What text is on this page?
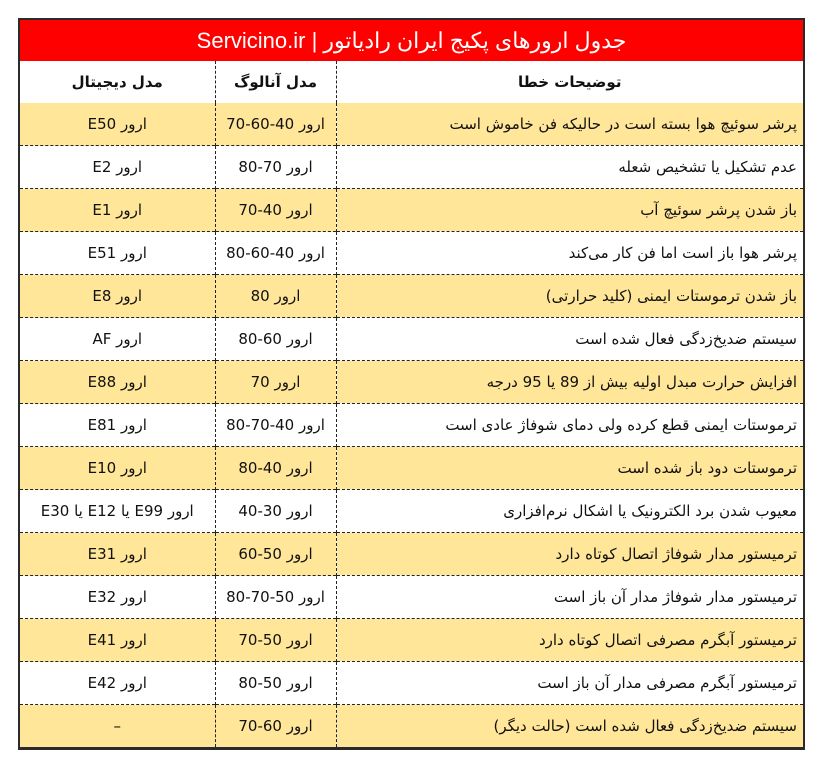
جدول ارورهای پکیج ایران رادیاتور | Servicino.ir
توضیحات خطا	مدل آنالوگ	مدل دیجیتال
پرشر سوئیچ هوا بسته است در حالیکه فن خاموش است	ارور 40-60-70	ارور E50
عدم تشکیل یا تشخیص شعله	ارور 70-80	ارور E2
باز شدن پرشر سوئیچ آب	ارور 40-70	ارور E1
پرشر هوا باز است اما فن کار می‌کند	ارور 40-60-80	ارور E51
باز شدن ترموستات ایمنی (کلید حرارتی)	ارور 80	ارور E8
سیستم ضدیخ‌زدگی فعال شده است	ارور 60-80	ارور AF
افزایش حرارت مبدل اولیه بیش از 89 یا 95 درجه	ارور 70	ارور E88
ترموستات ایمنی قطع کرده ولی دمای شوفاژ عادی است	ارور 40-70-80	ارور E81
ترموستات دود باز شده است	ارور 40-80	ارور E10
معیوب شدن برد الکترونیک یا اشکال نرم‌افزاری	ارور 30-40	ارور E99 یا E12 یا E30
ترمیستور مدار شوفاژ اتصال کوتاه دارد	ارور 50-60	ارور E31
ترمیستور مدار شوفاژ مدار آن باز است	ارور 50-70-80	ارور E32
ترمیستور آبگرم مصرفی اتصال کوتاه دارد	ارور 50-70	ارور E41
ترمیستور آبگرم مصرفی مدار آن باز است	ارور 50-80	ارور E42
سیستم ضدیخ‌زدگی فعال شده است (حالت دیگر)	ارور 60-70	–
